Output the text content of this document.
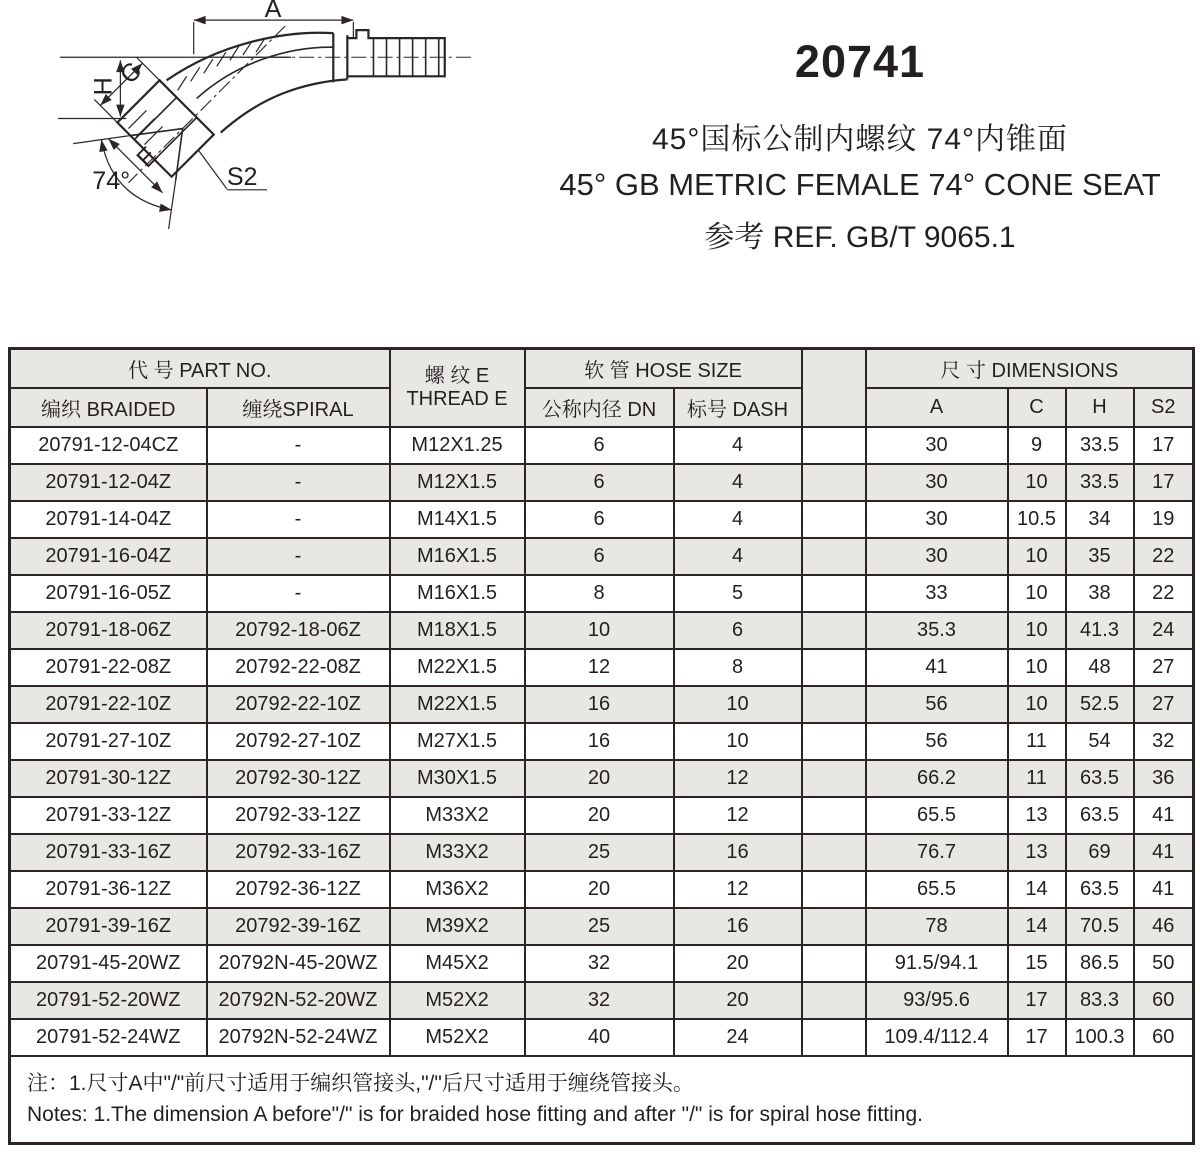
A
H
C
E
74°	S2
20741
45°国标公制内螺纹 74°内锥面
45° GB METRIC FEMALE 74° CONE SEAT
参考 REF. GB/T 9065.1
代 号 PART NO.		螺 纹 E
THREAD E	软 管 HOSE SIZE			尺 寸 DIMENSIONS			
编织 BRAIDED	缠绕SPIRAL		公称内径 DN	标号 DASH		A	C	H	S2
20791-12-04CZ	-	M12X1.25	6	4		30	9	33.5	17
20791-12-04Z	-	M12X1.5	6	4		30	10	33.5	17
20791-14-04Z	-	M14X1.5	6	4		30	10.5	34	19
20791-16-04Z	-	M16X1.5	6	4		30	10	35	22
20791-16-05Z	-	M16X1.5	8	5		33	10	38	22
20791-18-06Z	20792-18-06Z	M18X1.5	10	6		35.3	10	41.3	24
20791-22-08Z	20792-22-08Z	M22X1.5	12	8		41	10	48	27
20791-22-10Z	20792-22-10Z	M22X1.5	16	10		56	10	52.5	27
20791-27-10Z	20792-27-10Z	M27X1.5	16	10		56	11	54	32
20791-30-12Z	20792-30-12Z	M30X1.5	20	12		66.2	11	63.5	36
20791-33-12Z	20792-33-12Z	M33X2	20	12		65.5	13	63.5	41
20791-33-16Z	20792-33-16Z	M33X2	25	16		76.7	13	69	41
20791-36-12Z	20792-36-12Z	M36X2	20	12		65.5	14	63.5	41
20791-39-16Z	20792-39-16Z	M39X2	25	16		78	14	70.5	46
20791-45-20WZ	20792N-45-20WZ	M45X2	32	20		91.5/94.1	15	86.5	50
20791-52-20WZ	20792N-52-20WZ	M52X2	32	20		93/95.6	17	83.3	60
20791-52-24WZ	20792N-52-24WZ	M52X2	40	24		109.4/112.4	17	100.3	60

注：1.尺寸A中"/"前尺寸适用于编织管接头,"/"后尺寸适用于缠绕管接头。
Notes: 1.The dimension A before"/" is for braided hose fitting and after "/" is for spiral hose fitting.									
